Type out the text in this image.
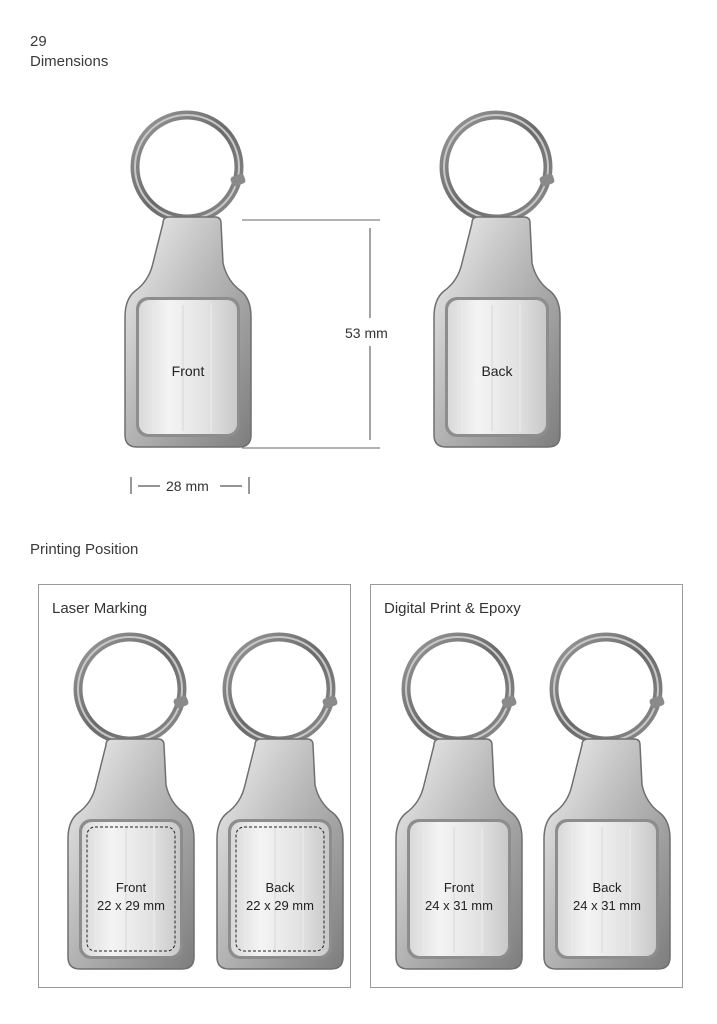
29
Dimensions
Front	Back
53 mm
28 mm
Printing Position
Laser Marking
Front
22 x 29 mm
Back
22 x 29 mm
Digital Print & Epoxy
Front
24 x 31 mm
Back
24 x 31 mm
